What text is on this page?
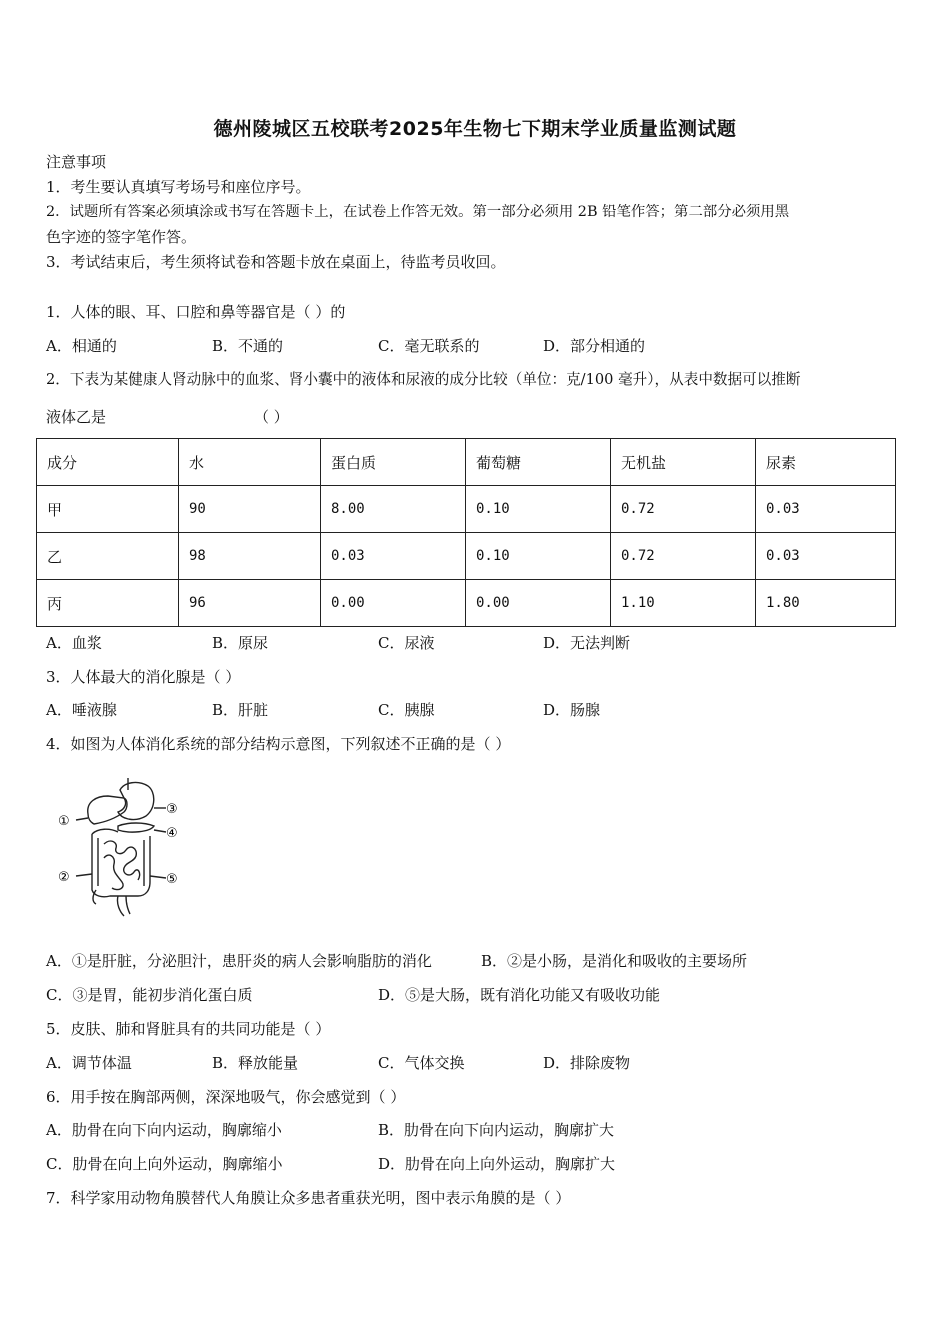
德州陵城区五校联考2025年生物七下期末学业质量监测试题
注意事项
1．考生要认真填写考场号和座位序号。
2．试题所有答案必须填涂或书写在答题卡上，在试卷上作答无效。第一部分必须用 2B 铅笔作答；第二部分必须用黑
色字迹的签字笔作答。
3．考试结束后，考生须将试卷和答题卡放在桌面上，待监考员收回。
1．人体的眼、耳、口腔和鼻等器官是（ ）的
A．相通的	B．不通的	C．毫无联系的	D．部分相通的
2．下表为某健康人肾动脉中的血浆、肾小囊中的液体和尿液的成分比较（单位：克/100 毫升），从表中数据可以推断
液体乙是	（ ）
成分	水	蛋白质	葡萄糖	无机盐	尿素
甲	90	8.00	0.10	0.72	0.03
乙	98	0.03	0.10	0.72	0.03
丙	96	0.00	0.00	1.10	1.80
A．血浆	B．原尿	C．尿液	D．无法判断
3．人体最大的消化腺是（ ）
A．唾液腺	B．肝脏	C．胰腺	D．肠腺
4．如图为人体消化系统的部分结构示意图，下列叙述不正确的是（ ）
①
②
③
④
⑤
A．①是肝脏，分泌胆汁，患肝炎的病人会影响脂肪的消化	B．②是小肠，是消化和吸收的主要场所
C．③是胃，能初步消化蛋白质	D．⑤是大肠，既有消化功能又有吸收功能
5．皮肤、肺和肾脏具有的共同功能是（ ）
A．调节体温	B．释放能量	C．气体交换	D．排除废物
6．用手按在胸部两侧，深深地吸气，你会感觉到（ ）
A．肋骨在向下向内运动，胸廓缩小	B．肋骨在向下向内运动，胸廓扩大
C．肋骨在向上向外运动，胸廓缩小	D．肋骨在向上向外运动，胸廓扩大
7．科学家用动物角膜替代人角膜让众多患者重获光明，图中表示角膜的是（ ）
